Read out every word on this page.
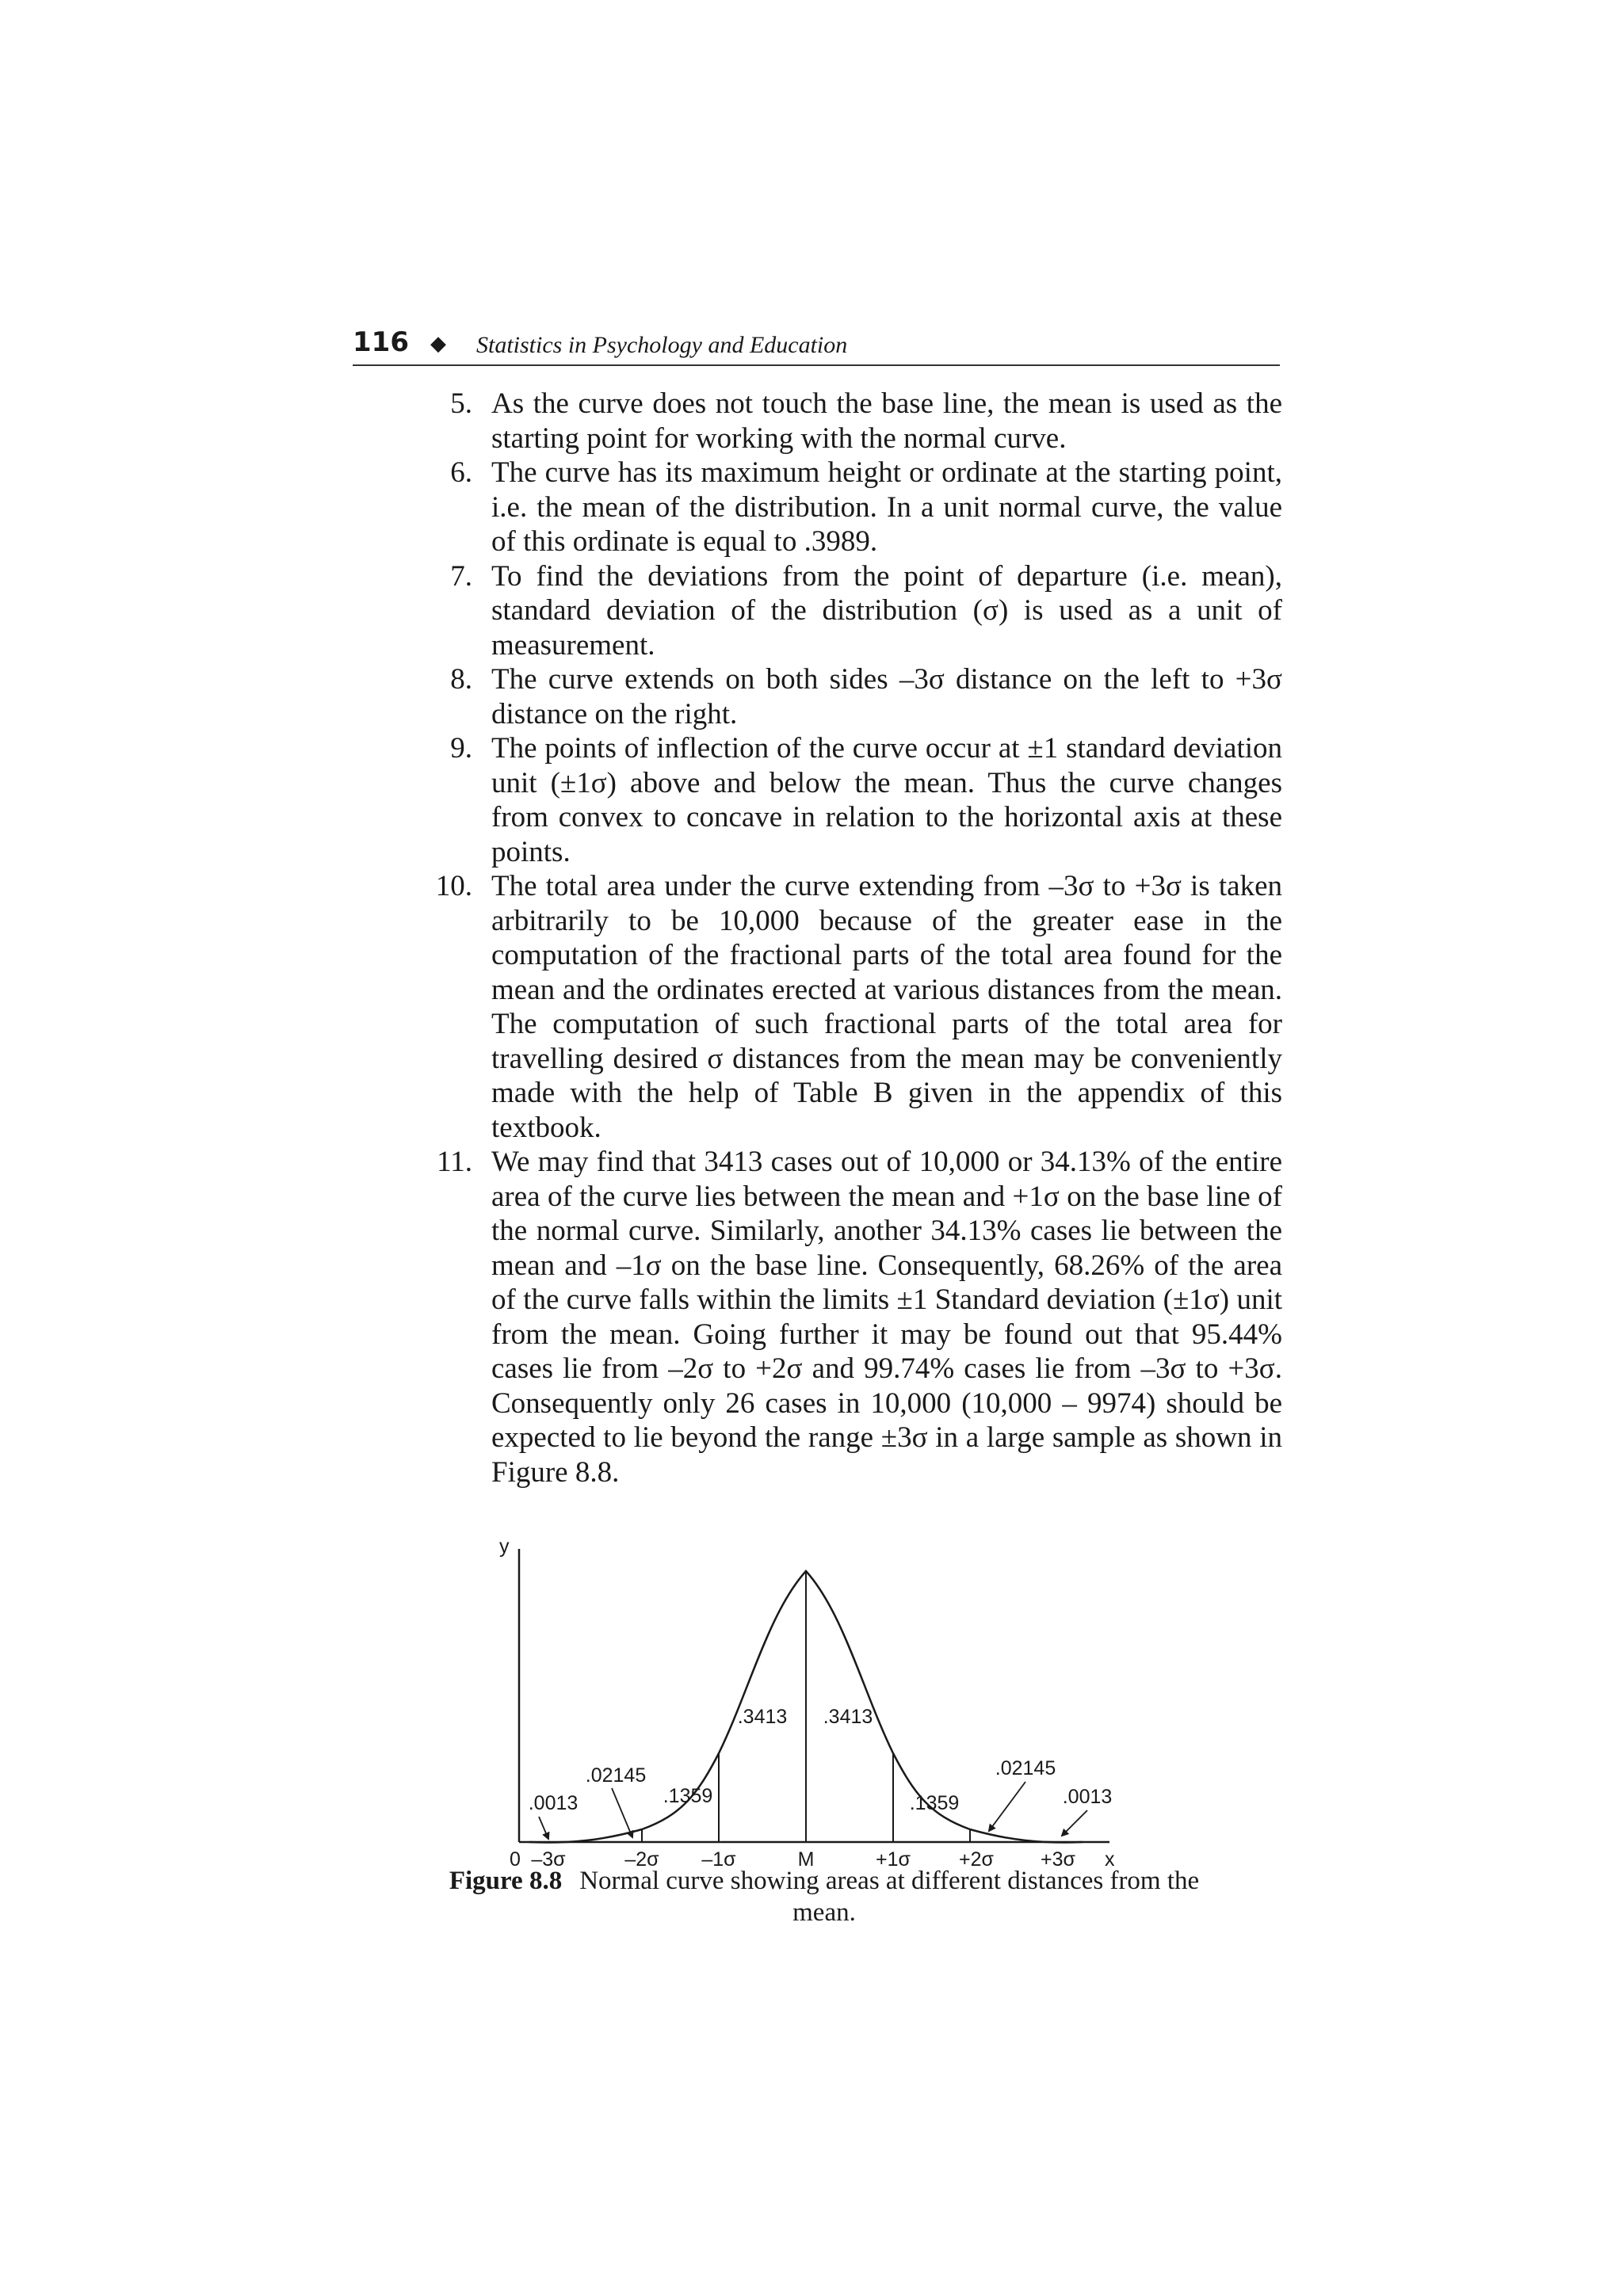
116 ◆ Statistics in Psychology and Education
5. As the curve does not touch the base line, the mean is used as the starting point for working with the normal curve.
6. The curve has its maximum height or ordinate at the starting point, i.e. the mean of the distribution. In a unit normal curve, the value of this ordinate is equal to .3989.
7. To find the deviations from the point of departure (i.e. mean), standard deviation of the distribution (σ) is used as a unit of measurement.
8. The curve extends on both sides –3σ distance on the left to +3σ distance on the right.
9. The points of inflection of the curve occur at ±1 standard deviation unit (±1σ) above and below the mean. Thus the curve changes from convex to concave in relation to the horizontal axis at these points.
10. The total area under the curve extending from –3σ to +3σ is taken arbitrarily to be 10,000 because of the greater ease in the computation of the fractional parts of the total area found for the mean and the ordinates erected at various distances from the mean. The computation of such fractional parts of the total area for travelling desired σ distances from the mean may be conveniently made with the help of Table B given in the appendix of this textbook.
11. We may find that 3413 cases out of 10,000 or 34.13% of the entire area of the curve lies between the mean and +1σ on the base line of the normal curve. Similarly, another 34.13% cases lie between the mean and –1σ on the base line. Consequently, 68.26% of the area of the curve falls within the limits ±1 Standard deviation (±1σ) unit from the mean. Going further it may be found out that 95.44% cases lie from –2σ to +2σ and 99.74% cases lie from –3σ to +3σ. Consequently only 26 cases in 10,000 (10,000 – 9974) should be expected to lie beyond the range ±3σ in a large sample as shown in Figure 8.8.
y
x
0 –3σ	–2σ –1σ	M	+1σ +2σ +3σ
.3413 .3413
.1359	.1359
.02145	.02145
.0013	.0013
Figure 8.8 Normal curve showing areas at different distances from the mean.
